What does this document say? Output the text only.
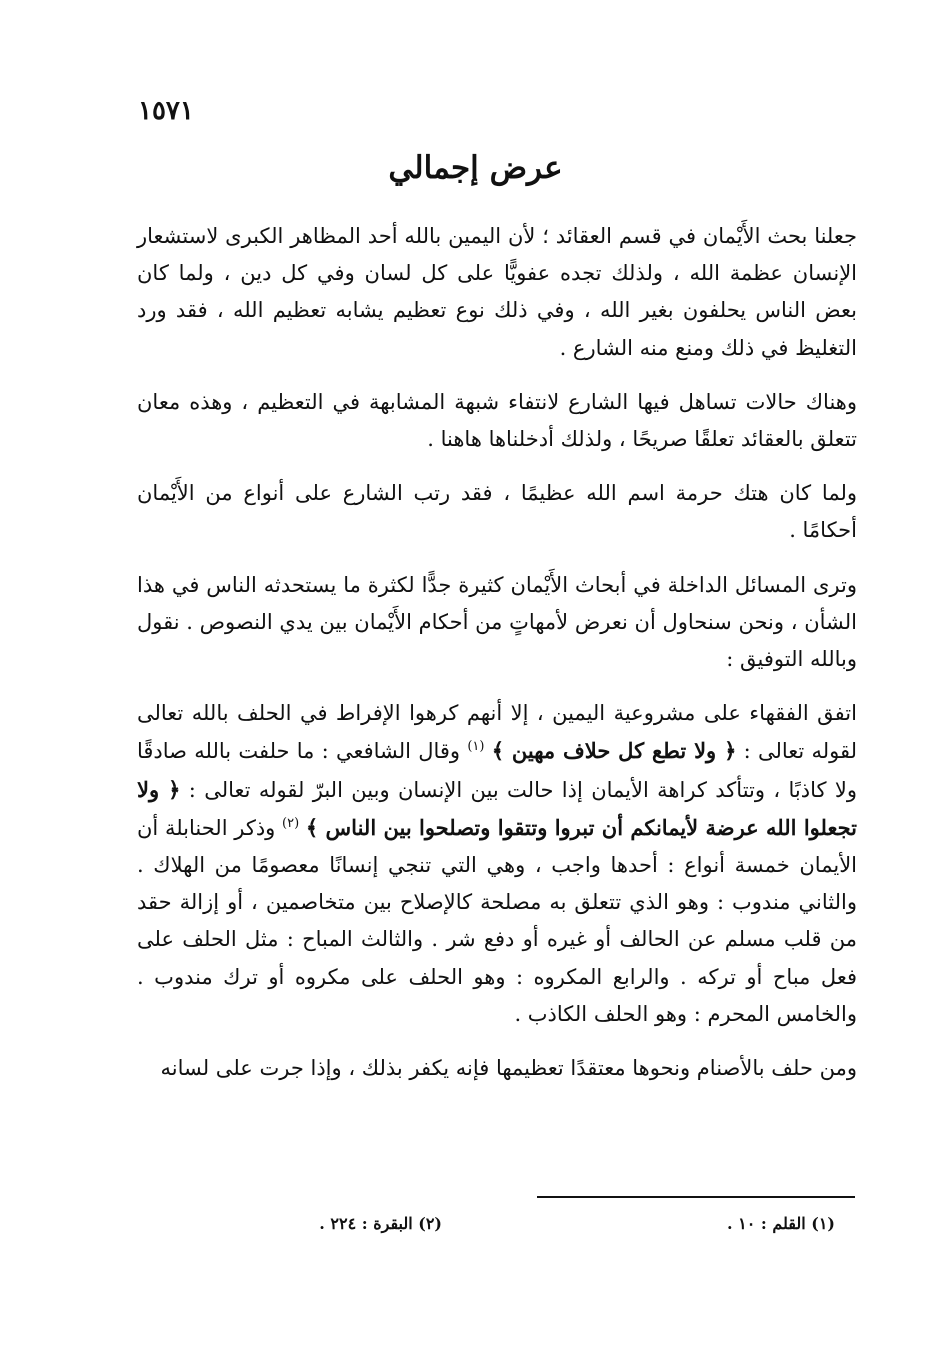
١٥٧١
عرض إجمالي

جعلنا بحث الأَيْمان في قسم العقائد ؛ لأن اليمين بالله أحد المظاهر الكبرى لاستشعار الإنسان عظمة الله ، ولذلك تجده عفويًّا على كل لسان وفي كل دين ، ولما كان بعض الناس يحلفون بغير الله ، وفي ذلك نوع تعظيم يشابه تعظيم الله ، فقد ورد التغليظ في ذلك ومنع منه الشارع .

وهناك حالات تساهل فيها الشارع لانتفاء شبهة المشابهة في التعظيم ، وهذه معان تتعلق بالعقائد تعلقًا صريحًا ، ولذلك أدخلناها هاهنا .

ولما كان هتك حرمة اسم الله عظيمًا ، فقد رتب الشارع على أنواع من الأَيْمان أحكامًا .

وترى المسائل الداخلة في أبحاث الأَيْمان كثيرة جدًّا لكثرة ما يستحدثه الناس في هذا الشأن ، ونحن سنحاول أن نعرض لأمهاتٍ من أحكام الأَيْمان بين يدي النصوص . نقول وبالله التوفيق :

اتفق الفقهاء على مشروعية اليمين ، إلا أنهم كرهوا الإفراط في الحلف بالله تعالى لقوله تعالى : ﴿ ولا تطع كل حلاف مهين ﴾ $^{(١)}$ وقال الشافعي : ما حلفت بالله صادقًا ولا كاذبًا ، وتتأكد كراهة الأيمان إذا حالت بين الإنسان وبين البرّ لقوله تعالى : ﴿ ولا تجعلوا الله عرضة لأيمانكم أن تبروا وتتقوا وتصلحوا بين الناس ﴾ $^{(٢)}$ وذكر الحنابلة أن الأيمان خمسة أنواع : أحدها واجب ، وهي التي تنجي إنسانًا معصومًا من الهلاك . والثاني مندوب : وهو الذي تتعلق به مصلحة كالإصلاح بين متخاصمين ، أو إزالة حقد من قلب مسلم عن الحالف أو غيره أو دفع شر . والثالث المباح : مثل الحلف على فعل مباح أو تركه . والرابع المكروه : وهو الحلف على مكروه أو ترك مندوب . والخامس المحرم : وهو الحلف الكاذب .

ومن حلف بالأصنام ونحوها معتقدًا تعظيمها فإنه يكفر بذلك ، وإذا جرت على لسانه

(١) القلم : ١٠ .
(٢) البقرة : ٢٢٤ .
